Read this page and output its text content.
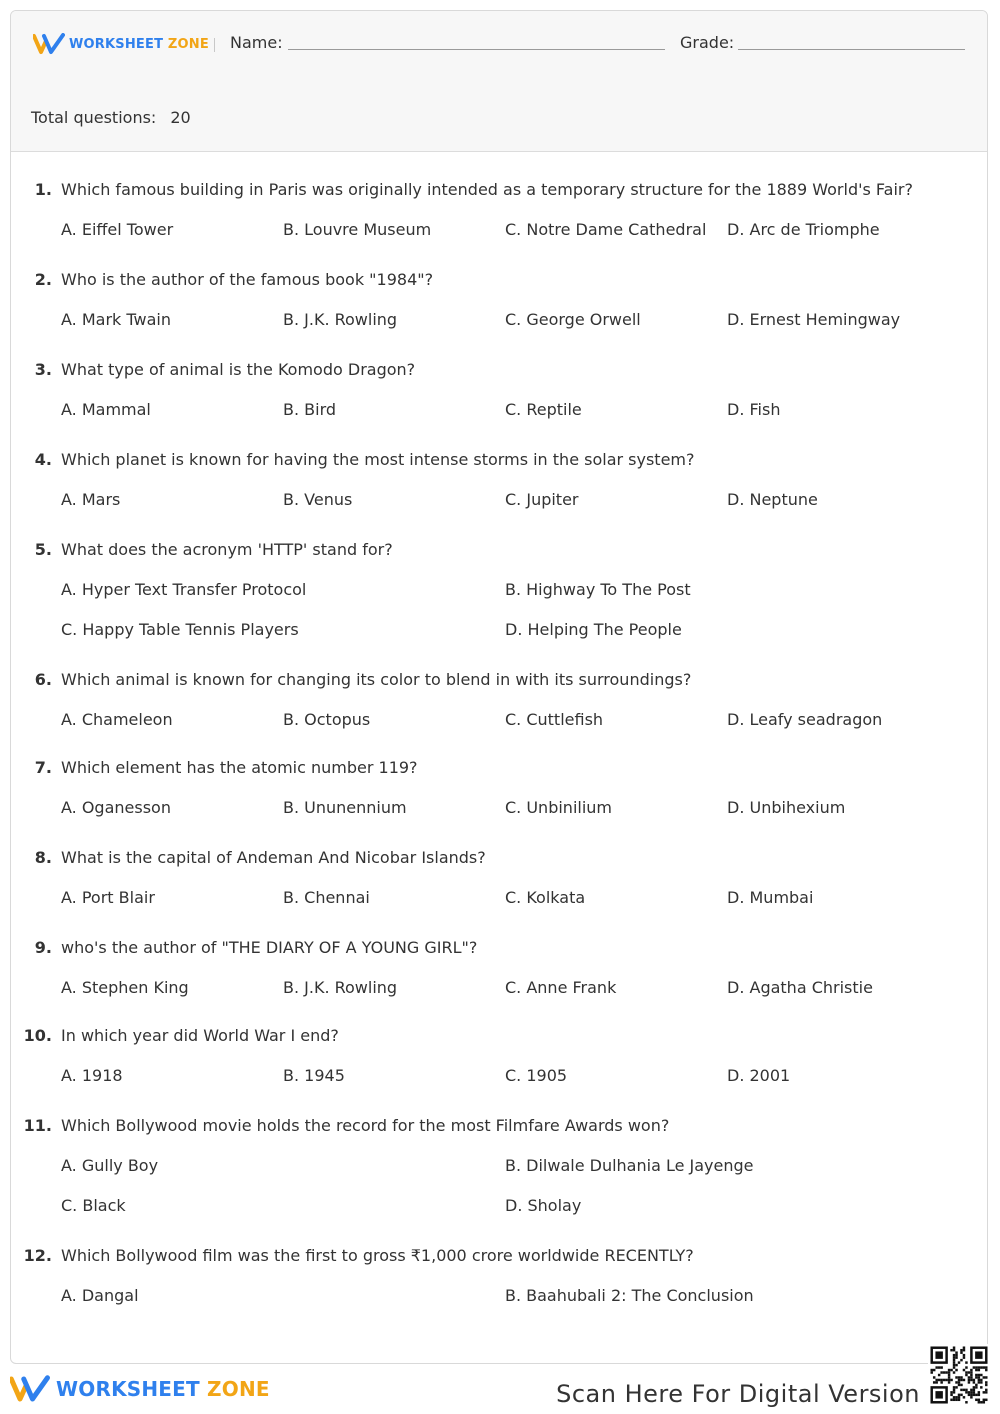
WORKSHEET ZONE Name:	Grade:
Total questions: 20
1. Which famous building in Paris was originally intended as a temporary structure for the 1889 World's Fair?
A. Eiffel Tower	B. Louvre Museum	C. Notre Dame Cathedral D. Arc de Triomphe
2. Who is the author of the famous book "1984"?
A. Mark Twain	B. J.K. Rowling	C. George Orwell	D. Ernest Hemingway
3. What type of animal is the Komodo Dragon?
A. Mammal	B. Bird	C. Reptile	D. Fish
4. Which planet is known for having the most intense storms in the solar system?
A. Mars	B. Venus	C. Jupiter	D. Neptune
5. What does the acronym 'HTTP' stand for?
A. Hyper Text Transfer Protocol	B. Highway To The Post
C. Happy Table Tennis Players	D. Helping The People
6. Which animal is known for changing its color to blend in with its surroundings?
A. Chameleon	B. Octopus	C. Cuttlefish	D. Leafy seadragon
7. Which element has the atomic number 119?
A. Oganesson	B. Ununennium	C. Unbinilium	D. Unbihexium
8. What is the capital of Andeman And Nicobar Islands?
A. Port Blair	B. Chennai	C. Kolkata	D. Mumbai
9. who's the author of "THE DIARY OF A YOUNG GIRL"?
A. Stephen King	B. J.K. Rowling	C. Anne Frank	D. Agatha Christie
10. In which year did World War I end?
A. 1918	B. 1945	C. 1905	D. 2001
11. Which Bollywood movie holds the record for the most Filmfare Awards won?
A. Gully Boy	B. Dilwale Dulhania Le Jayenge
C. Black	D. Sholay
12. Which Bollywood film was the first to gross ₹1,000 crore worldwide RECENTLY?
A. Dangal	B. Baahubali 2: The Conclusion
WORKSHEET ZONE	Scan Here For Digital Version
